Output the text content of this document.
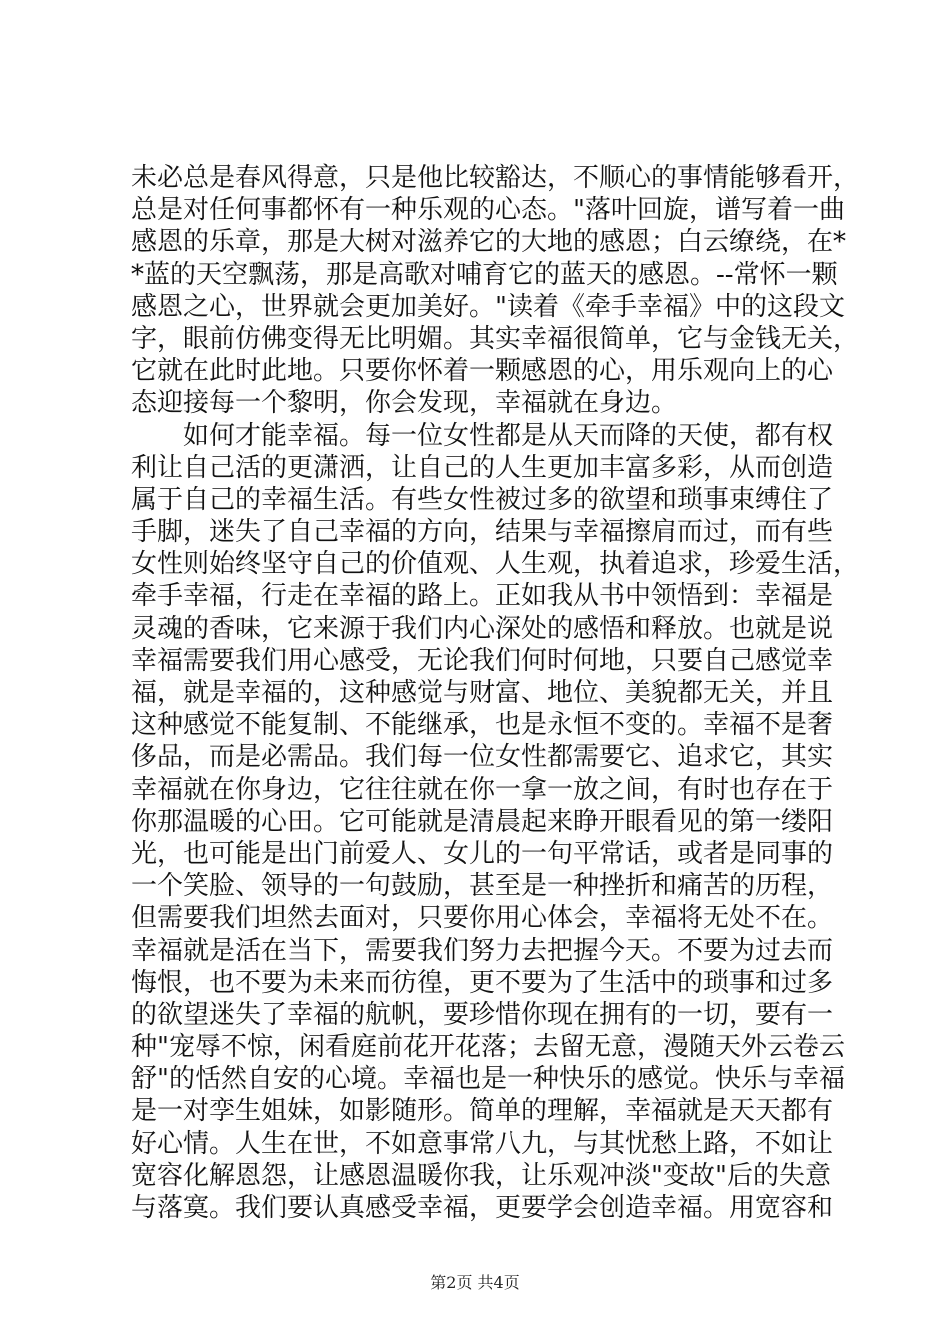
未必总是春风得意，只是他比较豁达，不顺心的事情能够看开，
总是对任何事都怀有一种乐观的心态。"落叶回旋，谱写着一曲
感恩的乐章，那是大树对滋养它的大地的感恩；白云缭绕，在*
*蓝的天空飘荡，那是高歌对哺育它的蓝天的感恩。--常怀一颗
感恩之心，世界就会更加美好。"读着《牵手幸福》中的这段文
字，眼前仿佛变得无比明媚。其实幸福很简单，它与金钱无关，
它就在此时此地。只要你怀着一颗感恩的心，用乐观向上的心
态迎接每一个黎明，你会发现，幸福就在身边。
如何才能幸福。每一位女性都是从天而降的天使，都有权
利让自己活的更潇洒，让自己的人生更加丰富多彩，从而创造
属于自己的幸福生活。有些女性被过多的欲望和琐事束缚住了
手脚，迷失了自己幸福的方向，结果与幸福擦肩而过，而有些
女性则始终坚守自己的价值观、人生观，执着追求，珍爱生活，
牵手幸福，行走在幸福的路上。正如我从书中领悟到：幸福是
灵魂的香味，它来源于我们内心深处的感悟和释放。也就是说
幸福需要我们用心感受，无论我们何时何地，只要自己感觉幸
福，就是幸福的，这种感觉与财富、地位、美貌都无关，并且
这种感觉不能复制、不能继承，也是永恒不变的。幸福不是奢
侈品，而是必需品。我们每一位女性都需要它、追求它，其实
幸福就在你身边，它往往就在你一拿一放之间，有时也存在于
你那温暖的心田。它可能就是清晨起来睁开眼看见的第一缕阳
光，也可能是出门前爱人、女儿的一句平常话，或者是同事的
一个笑脸、领导的一句鼓励，甚至是一种挫折和痛苦的历程，
但需要我们坦然去面对，只要你用心体会，幸福将无处不在。
幸福就是活在当下，需要我们努力去把握今天。不要为过去而
悔恨，也不要为未来而彷徨，更不要为了生活中的琐事和过多
的欲望迷失了幸福的航帆，要珍惜你现在拥有的一切，要有一
种"宠辱不惊，闲看庭前花开花落；去留无意，漫随天外云卷云
舒"的恬然自安的心境。幸福也是一种快乐的感觉。快乐与幸福
是一对孪生姐妹，如影随形。简单的理解，幸福就是天天都有
好心情。人生在世，不如意事常八九，与其忧愁上路，不如让
宽容化解恩怨，让感恩温暖你我，让乐观冲淡"变故"后的失意
与落寞。我们要认真感受幸福，更要学会创造幸福。用宽容和
第2页 共4页
